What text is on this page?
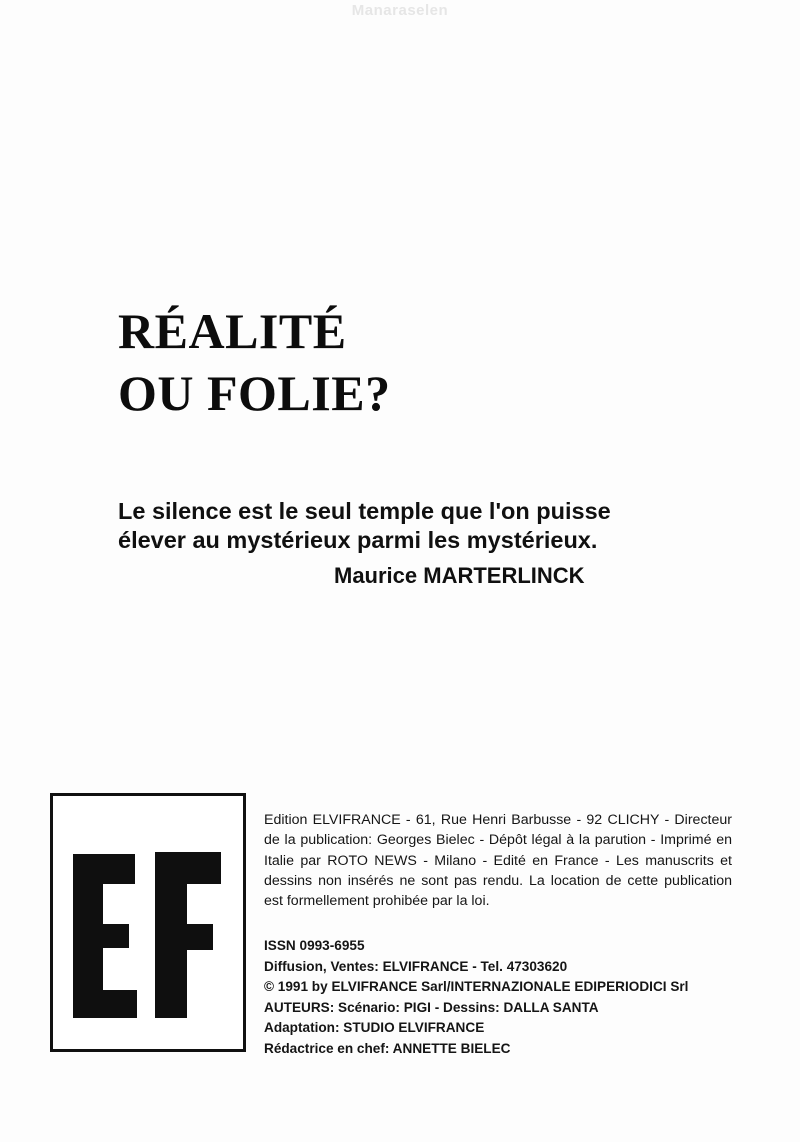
Manaraselen
RÉALITÉ
OU FOLIE?
Le silence est le seul temple que l'on puisse
élever au mystérieux parmi les mystérieux.
Maurice MARTERLINCK
Edition ELVIFRANCE - 61, Rue Henri Barbusse - 92 CLICHY - Directeur de la publication: Georges Bielec - Dépôt légal à la parution - Imprimé en Italie par ROTO NEWS - Milano - Edité en France - Les manuscrits et dessins non insérés ne sont pas rendu. La location de cette publication est formellement prohibée par la loi.
ISSN 0993-6955
Diffusion, Ventes: ELVIFRANCE - Tel. 47303620
© 1991 by ELVIFRANCE Sarl/INTERNAZIONALE EDIPERIODICI Srl
AUTEURS: Scénario: PIGI - Dessins: DALLA SANTA
Adaptation: STUDIO ELVIFRANCE
Rédactrice en chef: ANNETTE BIELEC
